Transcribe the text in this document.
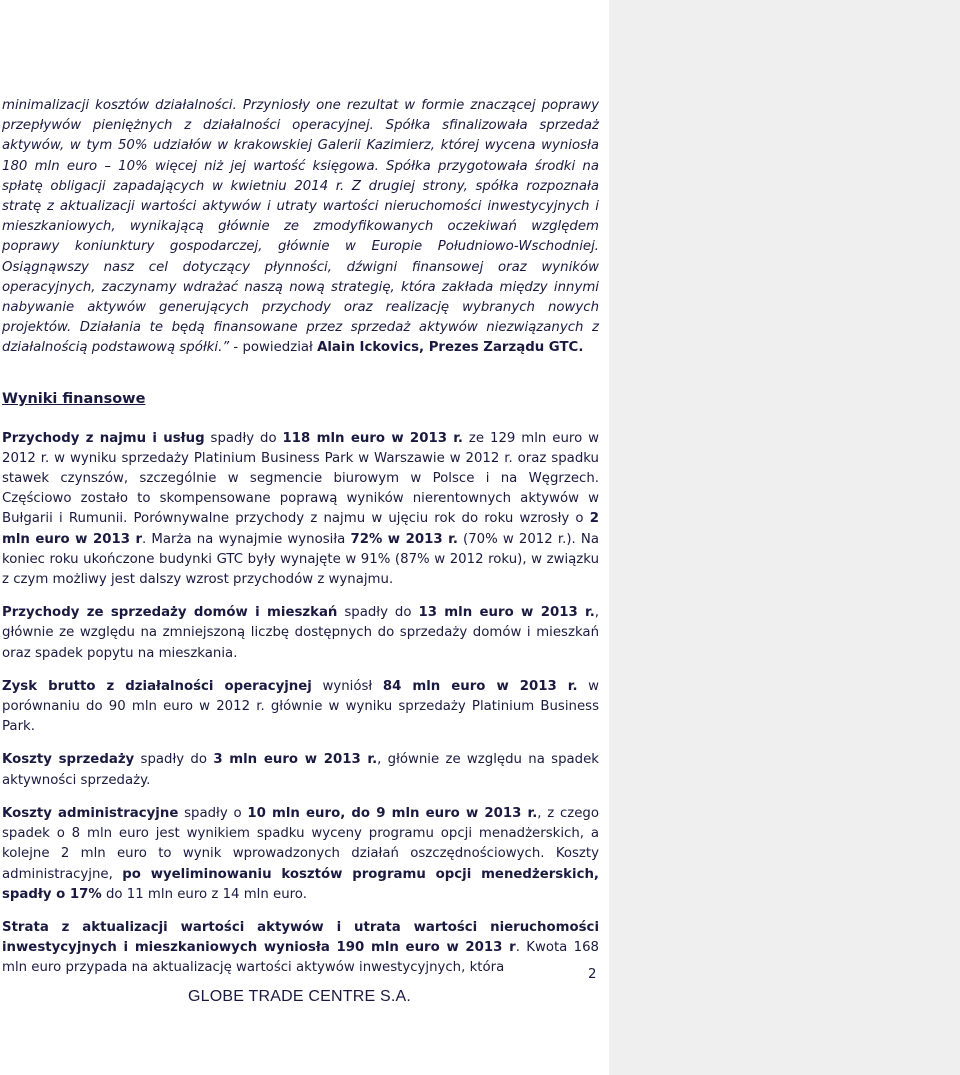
minimalizacji kosztów działalności. Przyniosły one rezultat w formie znaczącej poprawy przepływów pieniężnych z działalności operacyjnej. Spółka sfinalizowała sprzedaż aktywów, w tym 50% udziałów w krakowskiej Galerii Kazimierz, której wycena wyniosła 180 mln euro – 10% więcej niż jej wartość księgowa. Spółka przygotowała środki na spłatę obligacji zapadających w kwietniu 2014 r. Z drugiej strony, spółka rozpoznała stratę z aktualizacji wartości aktywów i utraty wartości nieruchomości inwestycyjnych i mieszkaniowych, wynikającą głównie ze zmodyfikowanych oczekiwań względem poprawy koniunktury gospodarczej, głównie w Europie Południowo-Wschodniej. Osiągnąwszy nasz cel dotyczący płynności, dźwigni finansowej oraz wyników operacyjnych, zaczynamy wdrażać naszą nową strategię, która zakłada między innymi nabywanie aktywów generujących przychody oraz realizację wybranych nowych projektów. Działania te będą finansowane przez sprzedaż aktywów niezwiązanych z działalnością podstawową spółki.” - powiedział Alain Ickovics, Prezes Zarządu GTC.

Wyniki finansowe

Przychody z najmu i usług spadły do 118 mln euro w 2013 r. ze 129 mln euro w 2012 r. w wyniku sprzedaży Platinium Business Park w Warszawie w 2012 r. oraz spadku stawek czynszów, szczególnie w segmencie biurowym w Polsce i na Węgrzech. Częściowo zostało to skompensowane poprawą wyników nierentownych aktywów w Bułgarii i Rumunii. Porównywalne przychody z najmu w ujęciu rok do roku wzrosły o 2 mln euro w 2013 r. Marża na wynajmie wynosiła 72% w 2013 r. (70% w 2012 r.). Na koniec roku ukończone budynki GTC były wynajęte w 91% (87% w 2012 roku), w związku z czym możliwy jest dalszy wzrost przychodów z wynajmu.

Przychody ze sprzedaży domów i mieszkań spadły do 13 mln euro w 2013 r., głównie ze względu na zmniejszoną liczbę dostępnych do sprzedaży domów i mieszkań oraz spadek popytu na mieszkania.

Zysk brutto z działalności operacyjnej wyniósł 84 mln euro w 2013 r. w porównaniu do 90 mln euro w 2012 r. głównie w wyniku sprzedaży Platinium Business Park.

Koszty sprzedaży spadły do 3 mln euro w 2013 r., głównie ze względu na spadek aktywności sprzedaży.

Koszty administracyjne spadły o 10 mln euro, do 9 mln euro w 2013 r., z czego spadek o 8 mln euro jest wynikiem spadku wyceny programu opcji menadżerskich, a kolejne 2 mln euro to wynik wprowadzonych działań oszczędnościowych. Koszty administracyjne, po wyeliminowaniu kosztów programu opcji menedżerskich, spadły o 17% do 11 mln euro z 14 mln euro.

Strata z aktualizacji wartości aktywów i utrata wartości nieruchomości inwestycyjnych i mieszkaniowych wyniosła 190 mln euro w 2013 r. Kwota 168 mln euro przypada na aktualizację wartości aktywów inwestycyjnych, która	2
GLOBE TRADE CENTRE S.A.
